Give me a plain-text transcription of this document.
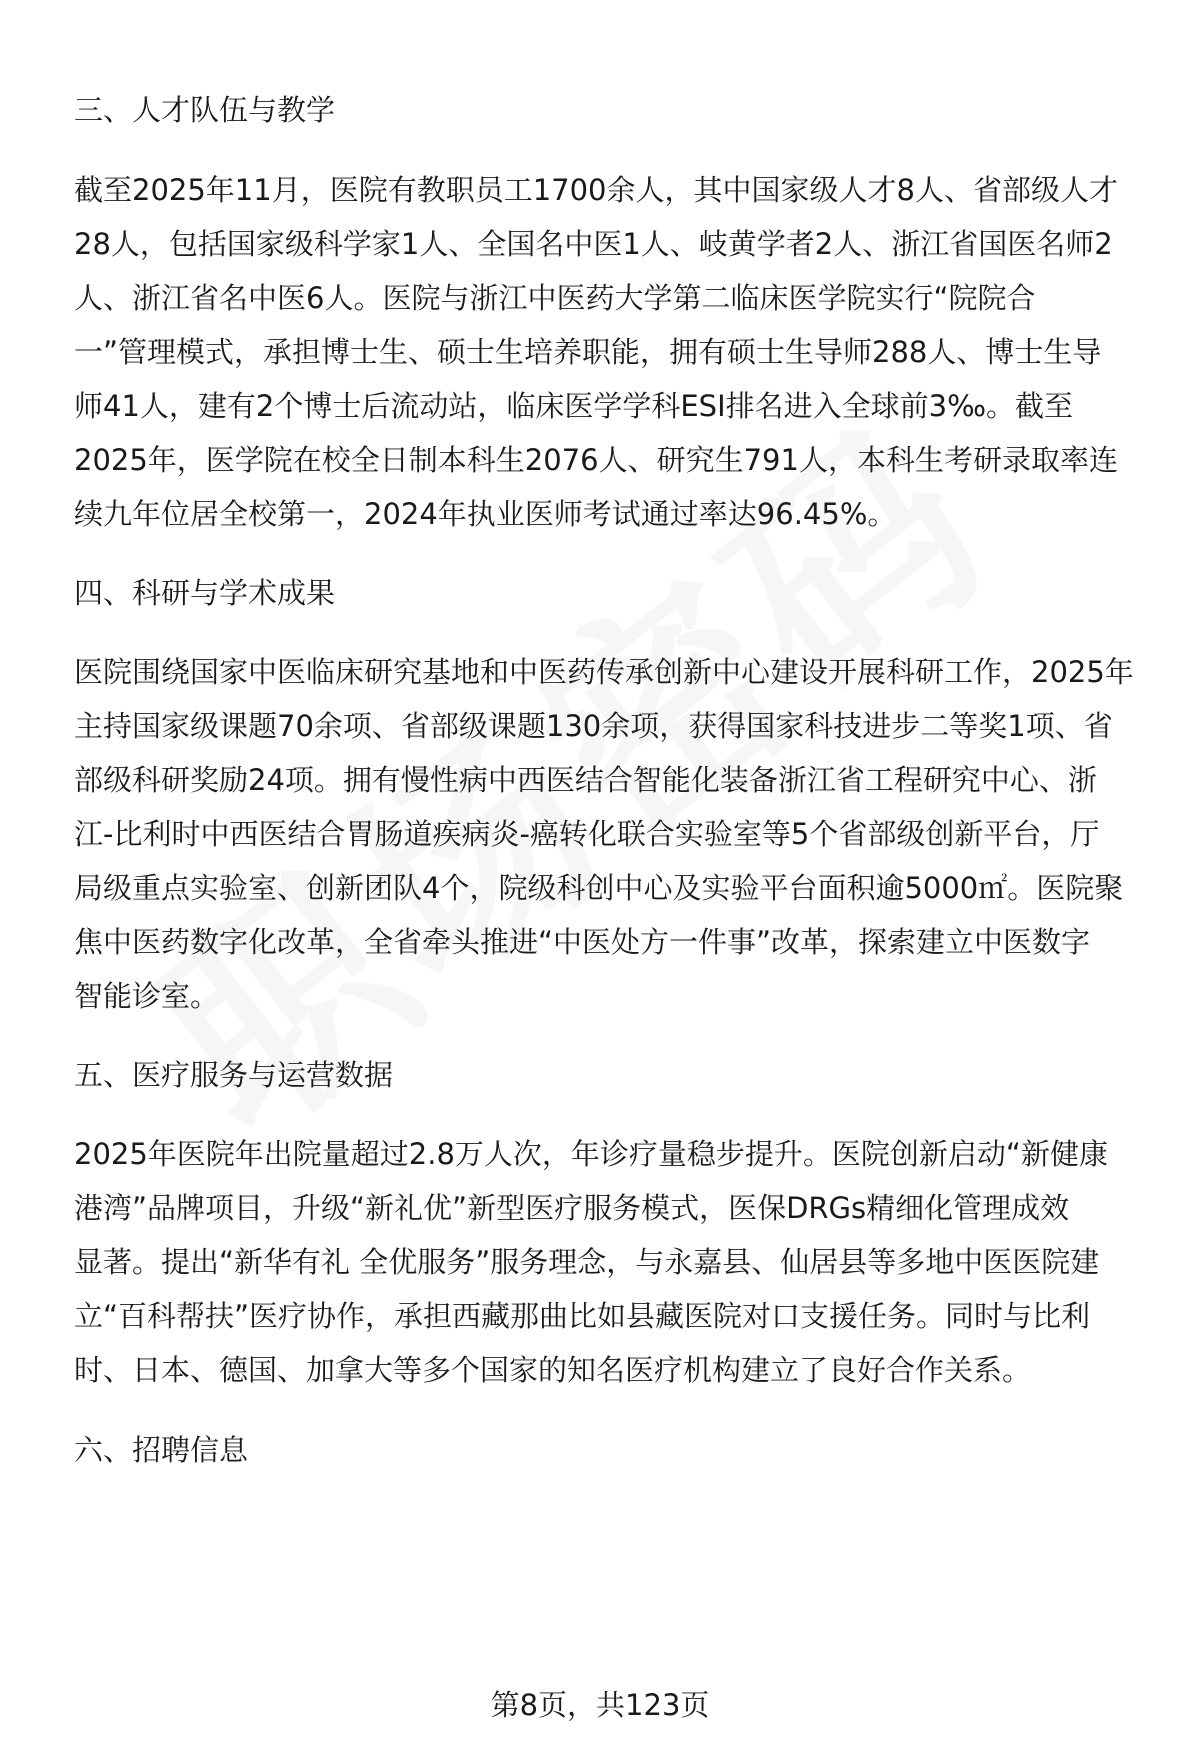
三、人才队伍与教学

截至2025年11月，医院有教职员工1700余人，其中国家级人才8人、省部级人才
28人，包括国家级科学家1人、全国名中医1人、岐黄学者2人、浙江省国医名师2
人、浙江省名中医6人。医院与浙江中医药大学第二临床医学院实行“院院合
一”管理模式，承担博士生、硕士生培养职能，拥有硕士生导师288人、博士生导
师41人，建有2个博士后流动站，临床医学学科ESI排名进入全球前3‰。截至
2025年，医学院在校全日制本科生2076人、研究生791人，本科生考研录取率连
续九年位居全校第一，2024年执业医师考试通过率达96.45%。

四、科研与学术成果

医院围绕国家中医临床研究基地和中医药传承创新中心建设开展科研工作，2025年
主持国家级课题70余项、省部级课题130余项，获得国家科技进步二等奖1项、省
部级科研奖励24项。拥有慢性病中西医结合智能化装备浙江省工程研究中心、浙
江-比利时中西医结合胃肠道疾病炎-癌转化联合实验室等5个省部级创新平台，厅
局级重点实验室、创新团队4个，院级科创中心及实验平台面积逾5000㎡。医院聚
焦中医药数字化改革，全省牵头推进“中医处方一件事”改革，探索建立中医数字
智能诊室。

五、医疗服务与运营数据

2025年医院年出院量超过2.8万人次，年诊疗量稳步提升。医院创新启动“新健康
港湾”品牌项目，升级“新礼优”新型医疗服务模式，医保DRGs精细化管理成效
显著。提出“新华有礼 全优服务”服务理念，与永嘉县、仙居县等多地中医医院建
立“百科帮扶”医疗协作，承担西藏那曲比如县藏医院对口支援任务。同时与比利
时、日本、德国、加拿大等多个国家的知名医疗机构建立了良好合作关系。

六、招聘信息
第8页，共123页
